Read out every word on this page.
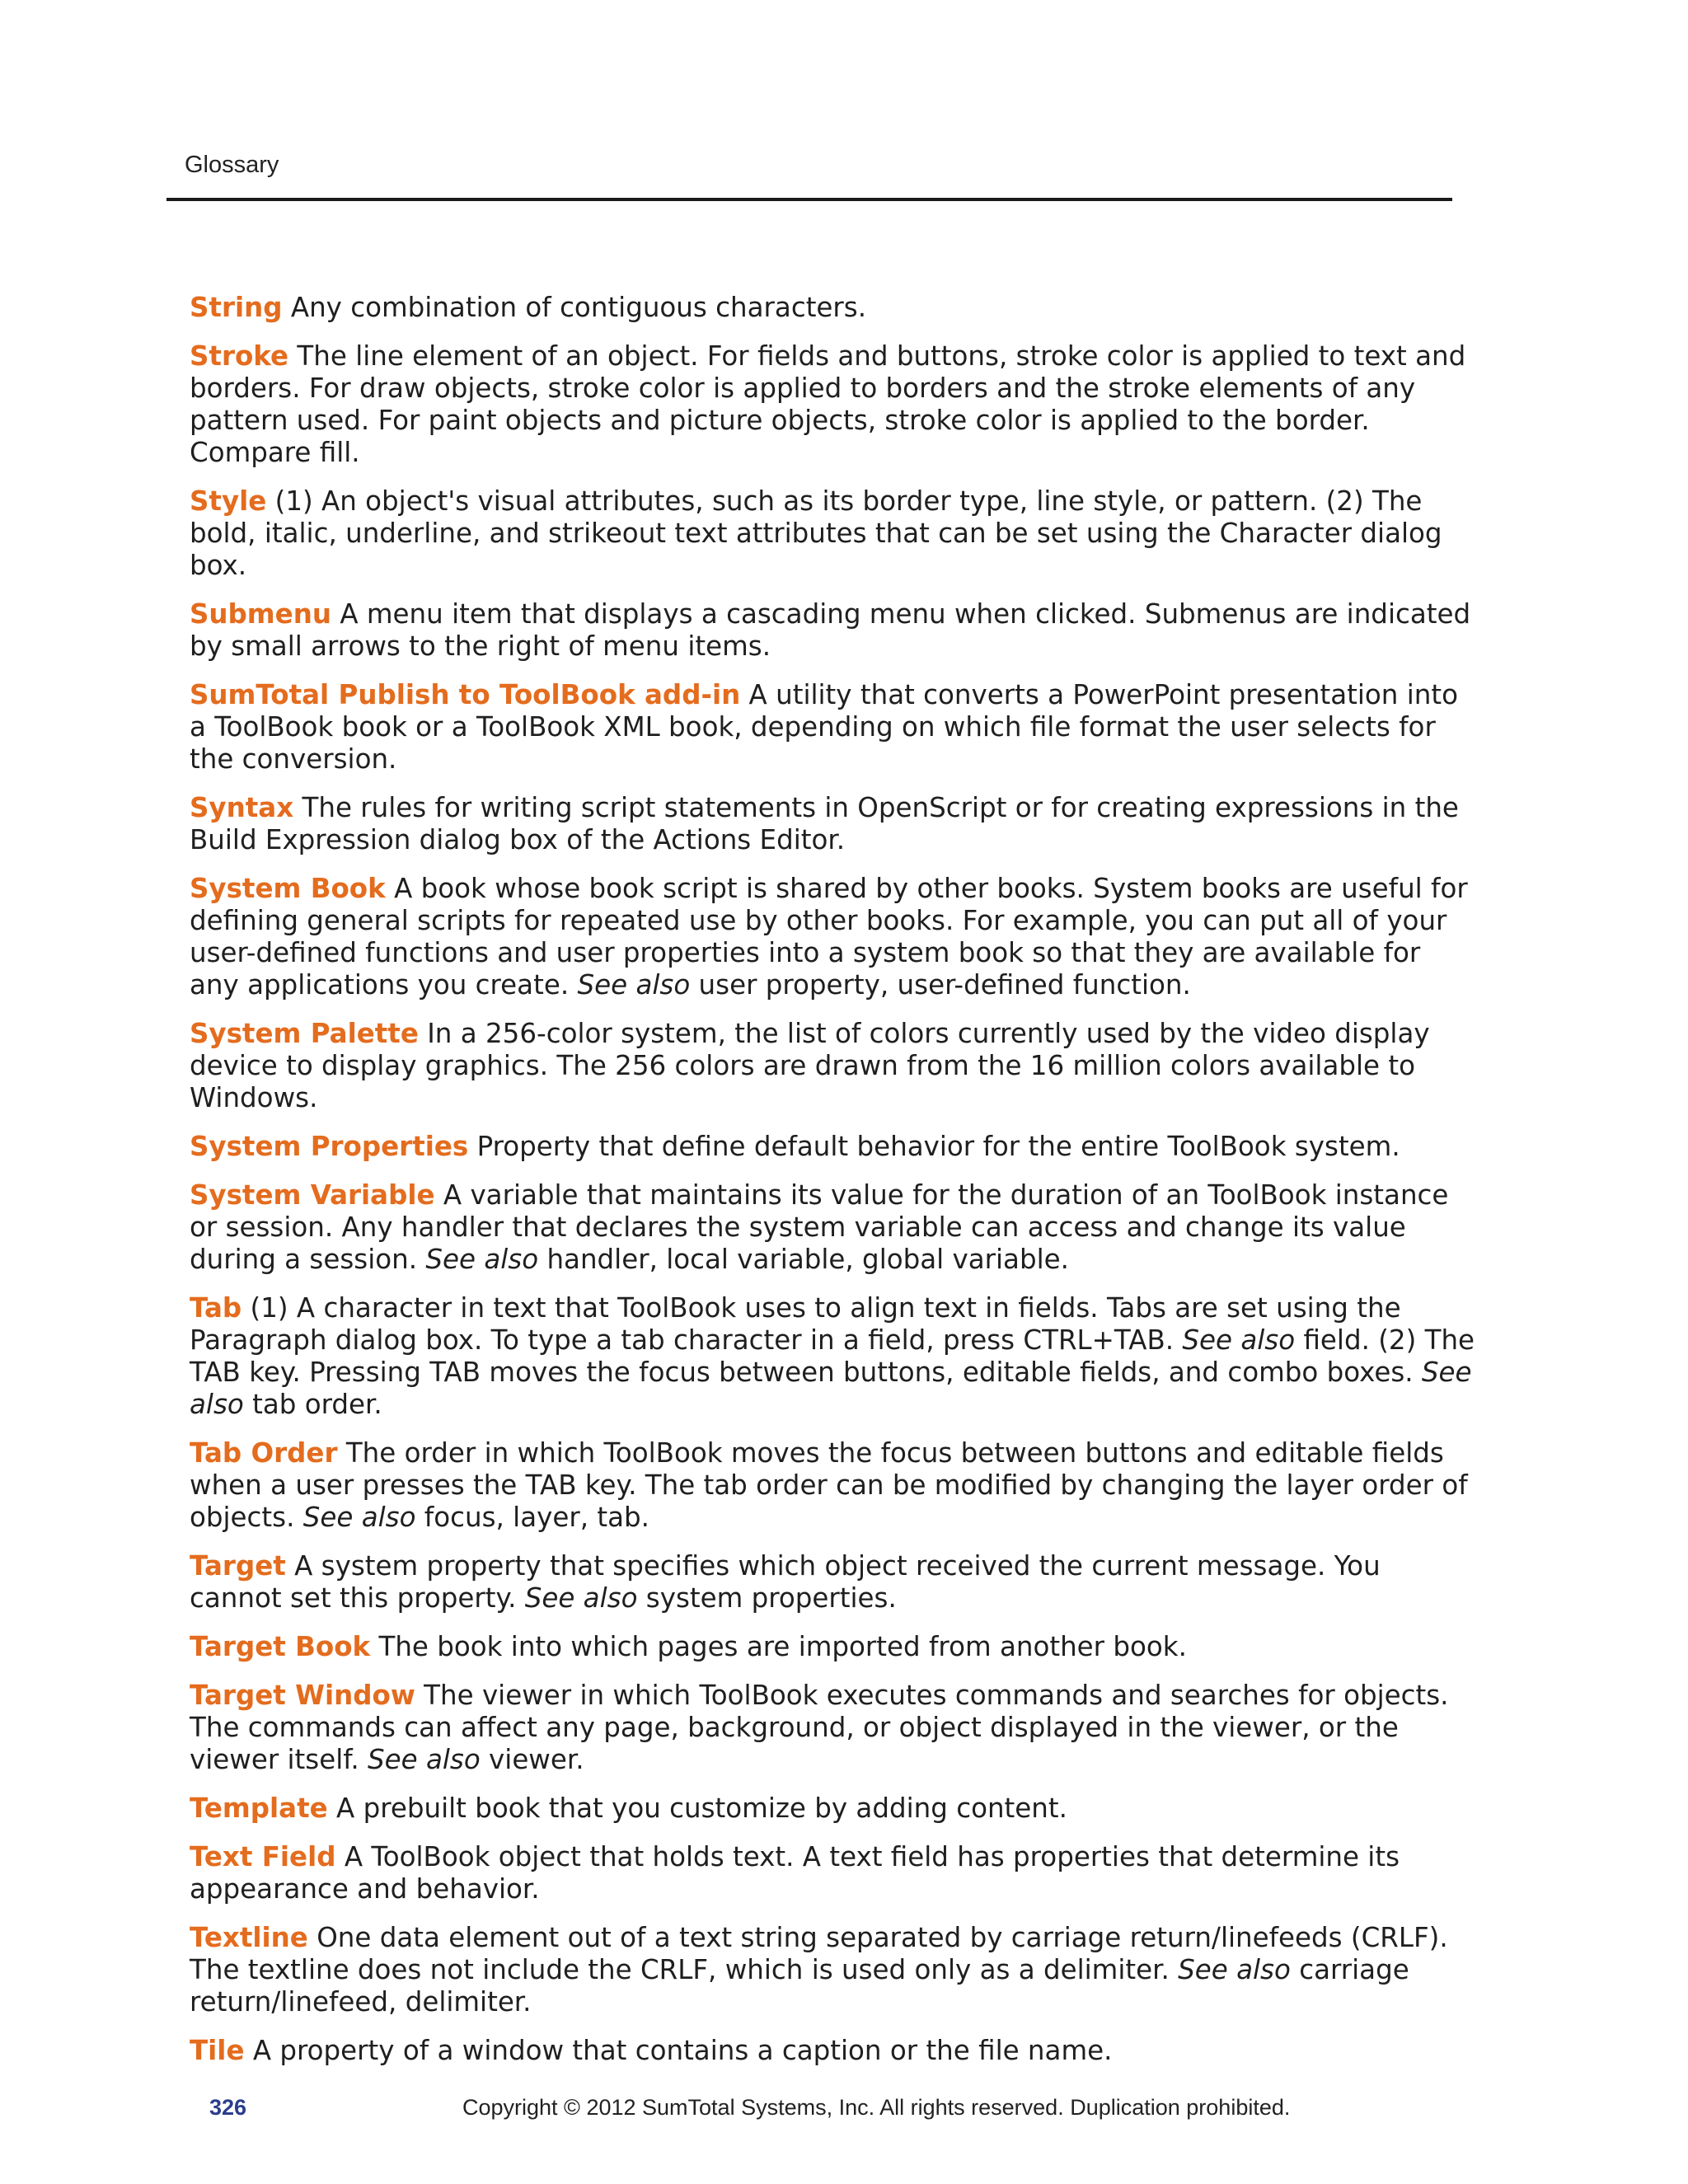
Glossary

String Any combination of contiguous characters.

Stroke The line element of an object. For fields and buttons, stroke color is applied to text and borders. For draw objects, stroke color is applied to borders and the stroke elements of any pattern used. For paint objects and picture objects, stroke color is applied to the border. Compare fill.

Style (1) An object's visual attributes, such as its border type, line style, or pattern. (2) The bold, italic, underline, and strikeout text attributes that can be set using the Character dialog box.

Submenu A menu item that displays a cascading menu when clicked. Submenus are indicated by small arrows to the right of menu items.

SumTotal Publish to ToolBook add-in A utility that converts a PowerPoint presentation into a ToolBook book or a ToolBook XML book, depending on which file format the user selects for the conversion.

Syntax The rules for writing script statements in OpenScript or for creating expressions in the Build Expression dialog box of the Actions Editor.

System Book A book whose book script is shared by other books. System books are useful for defining general scripts for repeated use by other books. For example, you can put all of your user-defined functions and user properties into a system book so that they are available for any applications you create. See also user property, user-defined function.

System Palette In a 256-color system, the list of colors currently used by the video display device to display graphics. The 256 colors are drawn from the 16 million colors available to Windows.

System Properties Property that define default behavior for the entire ToolBook system.

System Variable A variable that maintains its value for the duration of an ToolBook instance or session. Any handler that declares the system variable can access and change its value during a session. See also handler, local variable, global variable.

Tab (1) A character in text that ToolBook uses to align text in fields. Tabs are set using the Paragraph dialog box. To type a tab character in a field, press CTRL+TAB. See also field. (2) The TAB key. Pressing TAB moves the focus between buttons, editable fields, and combo boxes. See also tab order.

Tab Order The order in which ToolBook moves the focus between buttons and editable fields when a user presses the TAB key. The tab order can be modified by changing the layer order of objects. See also focus, layer, tab.

Target A system property that specifies which object received the current message. You cannot set this property. See also system properties.

Target Book The book into which pages are imported from another book.

Target Window The viewer in which ToolBook executes commands and searches for objects. The commands can affect any page, background, or object displayed in the viewer, or the viewer itself. See also viewer.

Template A prebuilt book that you customize by adding content.

Text Field A ToolBook object that holds text. A text field has properties that determine its appearance and behavior.

Textline One data element out of a text string separated by carriage return/linefeeds (CRLF). The textline does not include the CRLF, which is used only as a delimiter. See also carriage return/linefeed, delimiter.

Tile A property of a window that contains a caption or the file name.

326	Copyright © 2012 SumTotal Systems, Inc. All rights reserved. Duplication prohibited.
